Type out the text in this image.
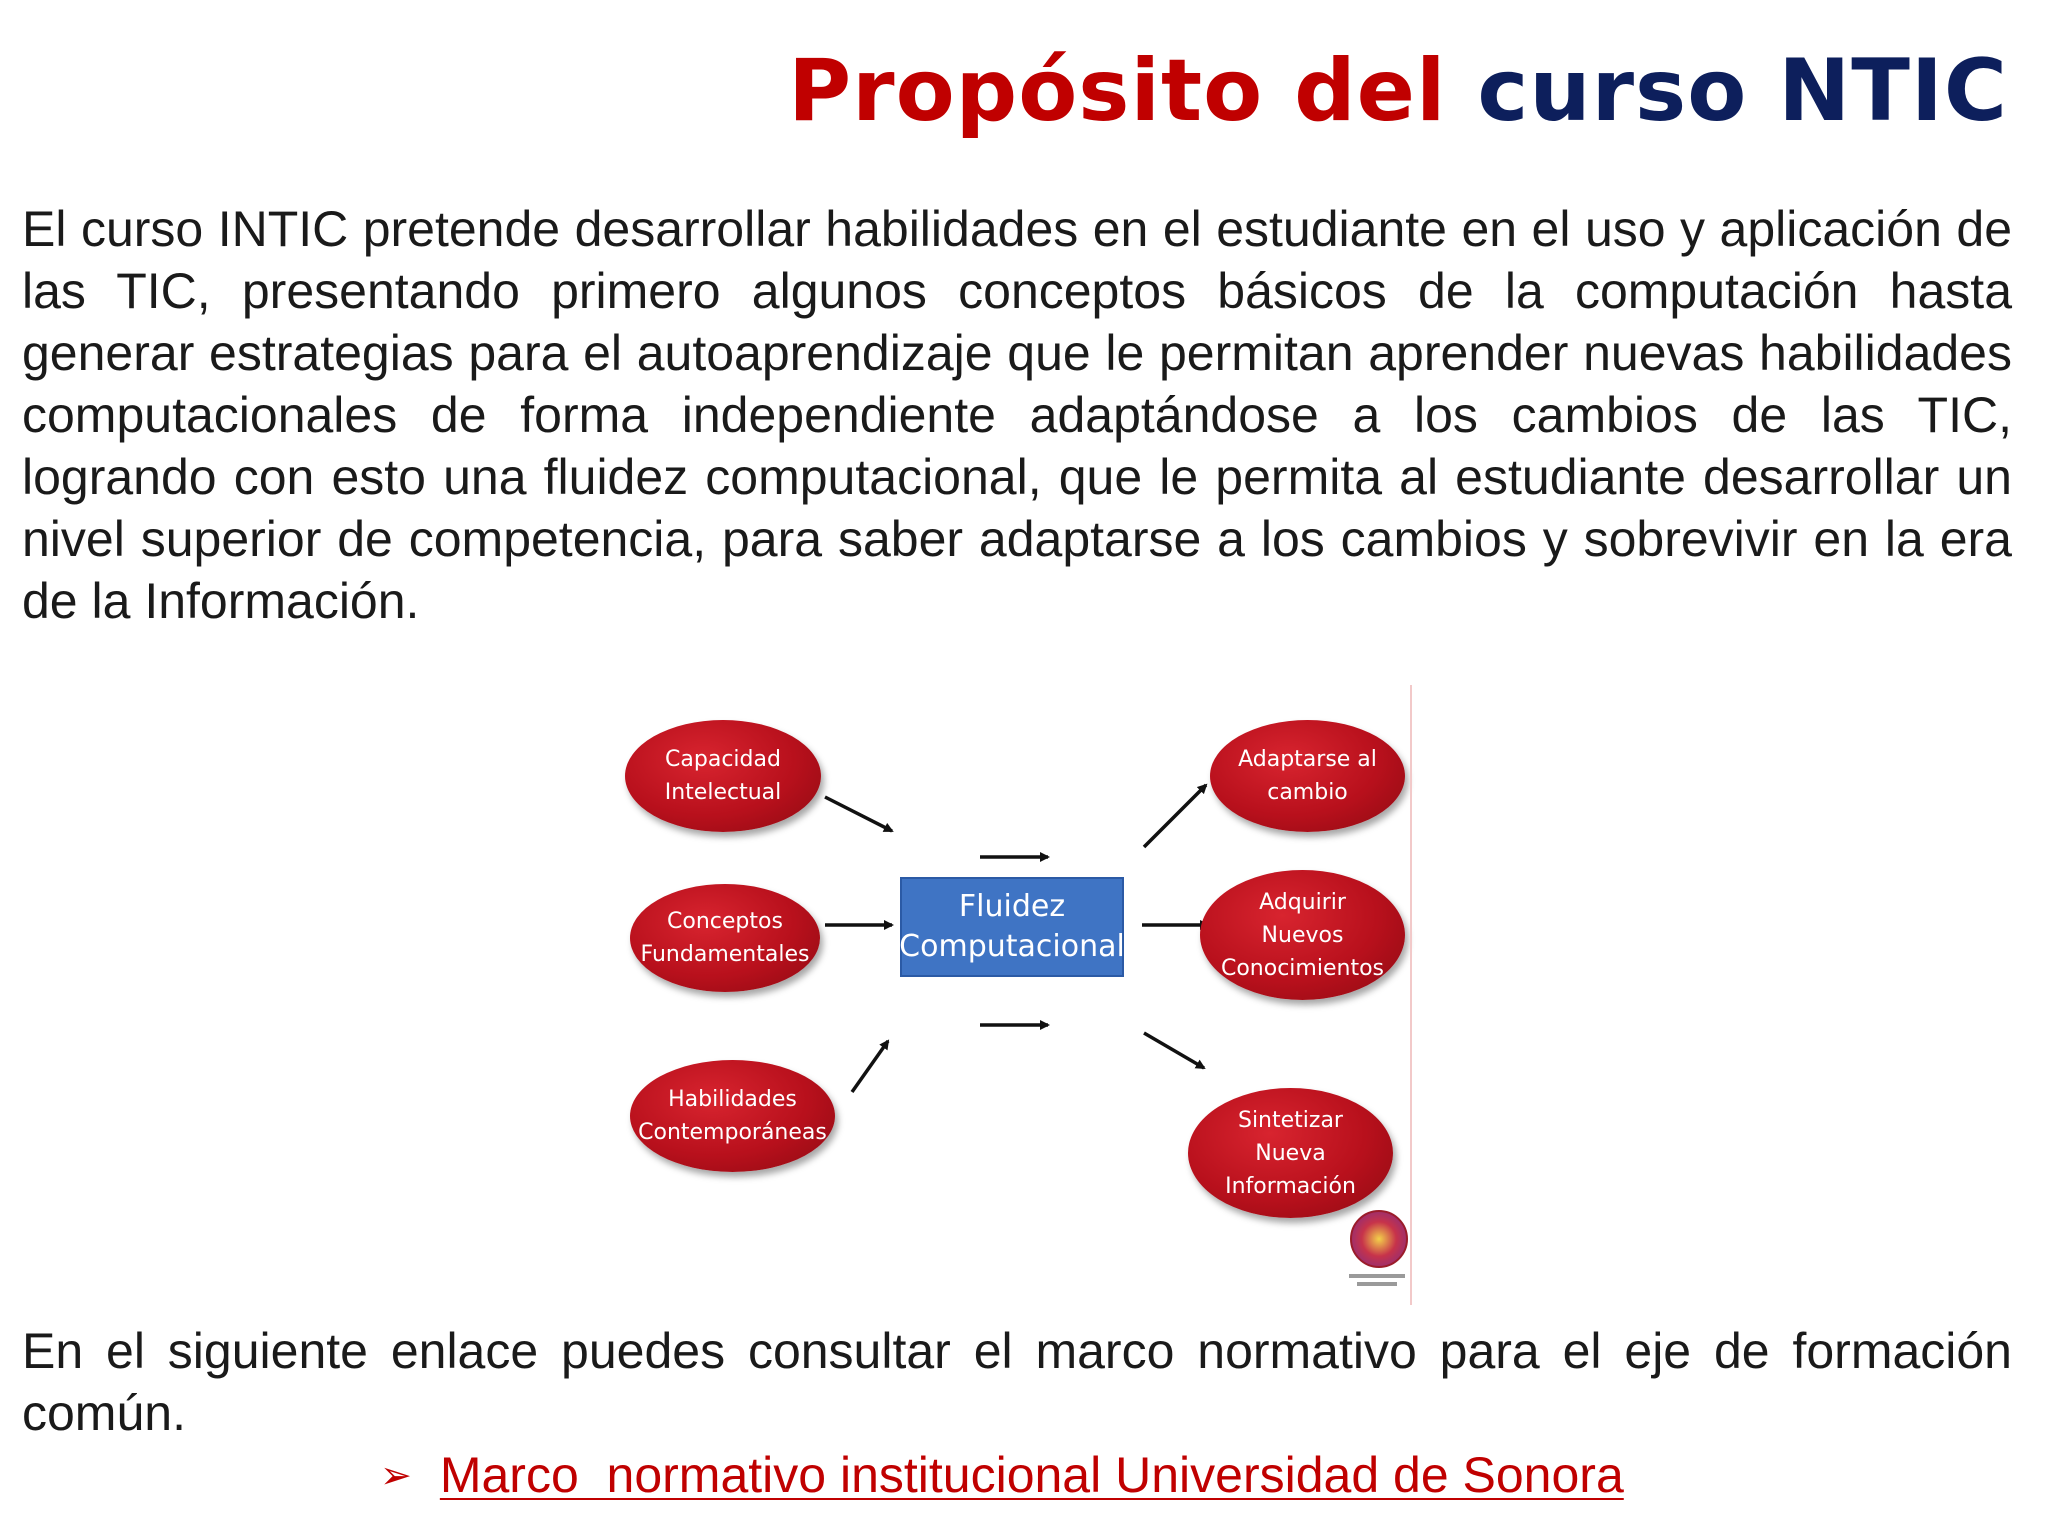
Propósito del curso NTIC

El curso INTIC pretende desarrollar habilidades en el estudiante en el uso y aplicación de las TIC, presentando primero algunos conceptos básicos de la computación hasta generar estrategias para el autoaprendizaje que le permitan aprender nuevas habilidades computacionales de forma independiente adaptándose a los cambios de las TIC, logrando con esto una fluidez computacional, que le permita al estudiante desarrollar un nivel superior de competencia, para saber adaptarse a los cambios y sobrevivir en la era de la Información.

Capacidad
Intelectual
Conceptos
Fundamentales
Habilidades
Contemporáneas
Fluidez
Computacional
Adaptarse al
cambio
Adquirir
Nuevos
Conocimientos
Sintetizar
Nueva
Información

En el siguiente enlace puedes consultar el marco normativo para el eje de formación común.

➢ Marco  normativo institucional Universidad de Sonora
